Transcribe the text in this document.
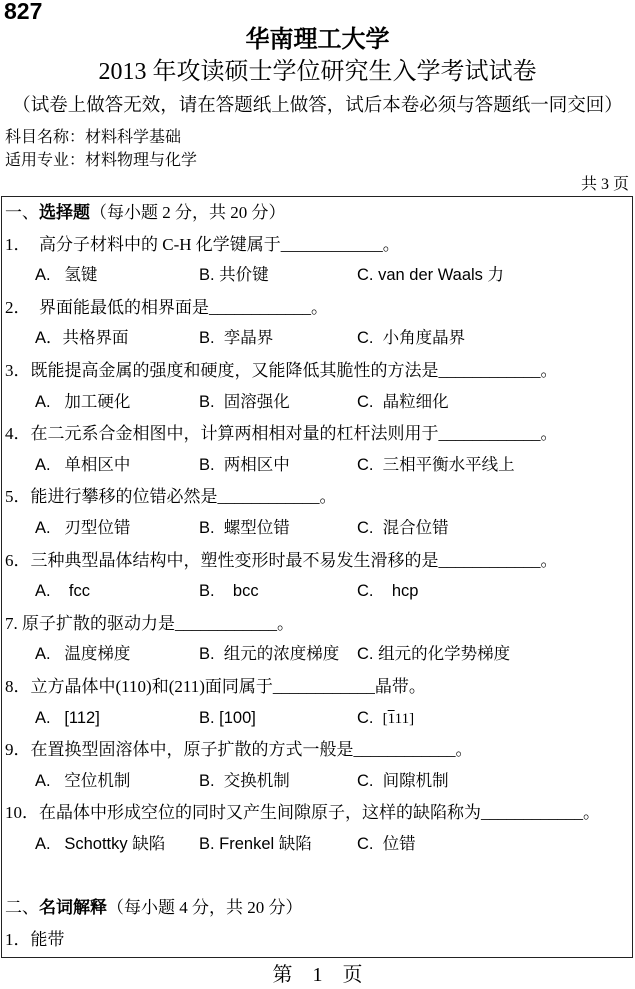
827
华南理工大学
2013 年攻读硕士学位研究生入学考试试卷
（试卷上做答无效，请在答题纸上做答，试后本卷必须与答题纸一同交回）
科目名称：材料科学基础
适用专业：材料物理与化学
共 3 页
一、选择题（每小题 2 分，共 20 分）
1．  高分子材料中的 C-H 化学键属于____________。
A.   氢键	B. 共价键	C. van der Waals 力
2．  界面能最低的相界面是____________。
A．共格界面	B.  孪晶界	C.  小角度晶界
3．既能提高金属的强度和硬度，又能降低其脆性的方法是____________。
A.   加工硬化	B.  固溶强化	C.  晶粒细化
4．在二元系合金相图中，计算两相相对量的杠杆法则用于____________。
A.   单相区中	B.  两相区中	C.  三相平衡水平线上
5．能进行攀移的位错必然是____________。
A.   刃型位错	B.  螺型位错	C.  混合位错
6．三种典型晶体结构中，塑性变形时最不易发生滑移的是____________。
A.    fcc	B.    bcc	C.    hcp
7. 原子扩散的驱动力是____________。
A.   温度梯度	B.  组元的浓度梯度 C. 组元的化学势梯度
8．立方晶体中(110)和(211)面同属于____________晶带。
A.   [112]	B. [100]	C.  [111]
9．在置换型固溶体中，原子扩散的方式一般是____________。
A.   空位机制	B.  交换机制	C.  间隙机制
10．在晶体中形成空位的同时又产生间隙原子，这样的缺陷称为____________。
A.   Schottky 缺陷 B. Frenkel 缺陷	C.  位错
二、名词解释（每小题 4 分，共 20 分）
1．能带
第    1    页
